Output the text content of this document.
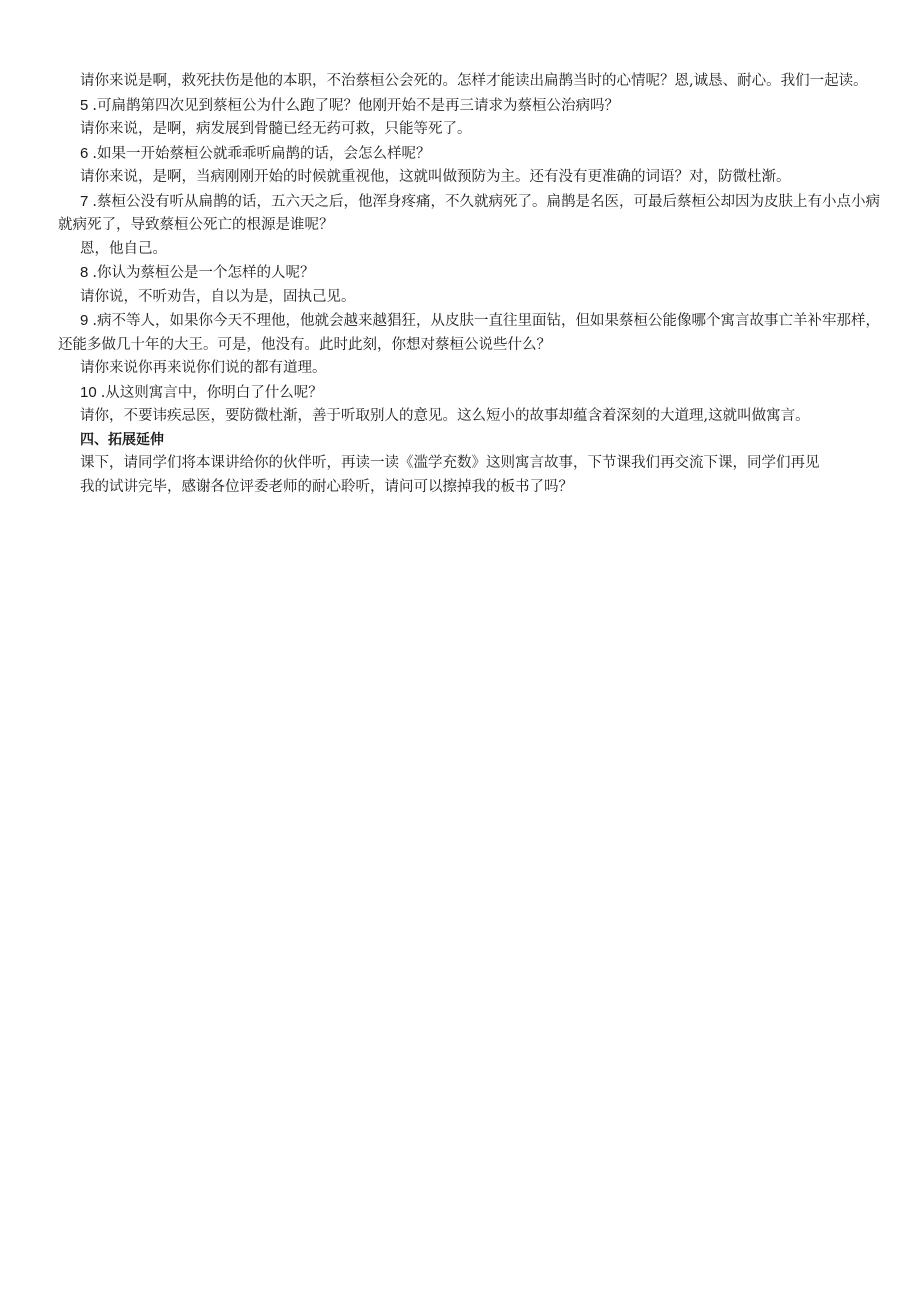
请你来说是啊，救死扶伤是他的本职，不治蔡桓公会死的。怎样才能读出扁鹊当时的心情呢？恩,诚恳、耐心。我们一起读。

5 .可扁鹊第四次见到蔡桓公为什么跑了呢？他刚开始不是再三请求为蔡桓公治病吗？

请你来说，是啊，病发展到骨髓已经无药可救，只能等死了。

6 .如果一开始蔡桓公就乖乖听扁鹊的话，会怎么样呢？

请你来说，是啊，当病刚刚开始的时候就重视他，这就叫做预防为主。还有没有更准确的词语？对，防微杜渐。

7 .蔡桓公没有听从扁鹊的话，五六天之后，他浑身疼痛，不久就病死了。扁鹊是名医，可最后蔡桓公却因为皮肤上有小点小病就病死了，导致蔡桓公死亡的根源是谁呢？

恩，他自己。

8 .你认为蔡桓公是一个怎样的人呢？

请你说，不听劝告，自以为是，固执己见。

9 .病不等人，如果你今天不理他，他就会越来越猖狂，从皮肤一直往里面钻，但如果蔡桓公能像哪个寓言故事亡羊补牢那样，还能多做几十年的大王。可是，他没有。此时此刻，你想对蔡桓公说些什么？

请你来说你再来说你们说的都有道理。

10 .从这则寓言中，你明白了什么呢？

请你，不要讳疾忌医，要防微杜渐，善于听取别人的意见。这么短小的故事却蕴含着深刻的大道理,这就叫做寓言。

四、拓展延伸

课下，请同学们将本课讲给你的伙伴听，再读一读《滥学充数》这则寓言故事，下节课我们再交流下课，同学们再见

我的试讲完毕，感谢各位评委老师的耐心聆听，请问可以擦掉我的板书了吗？
